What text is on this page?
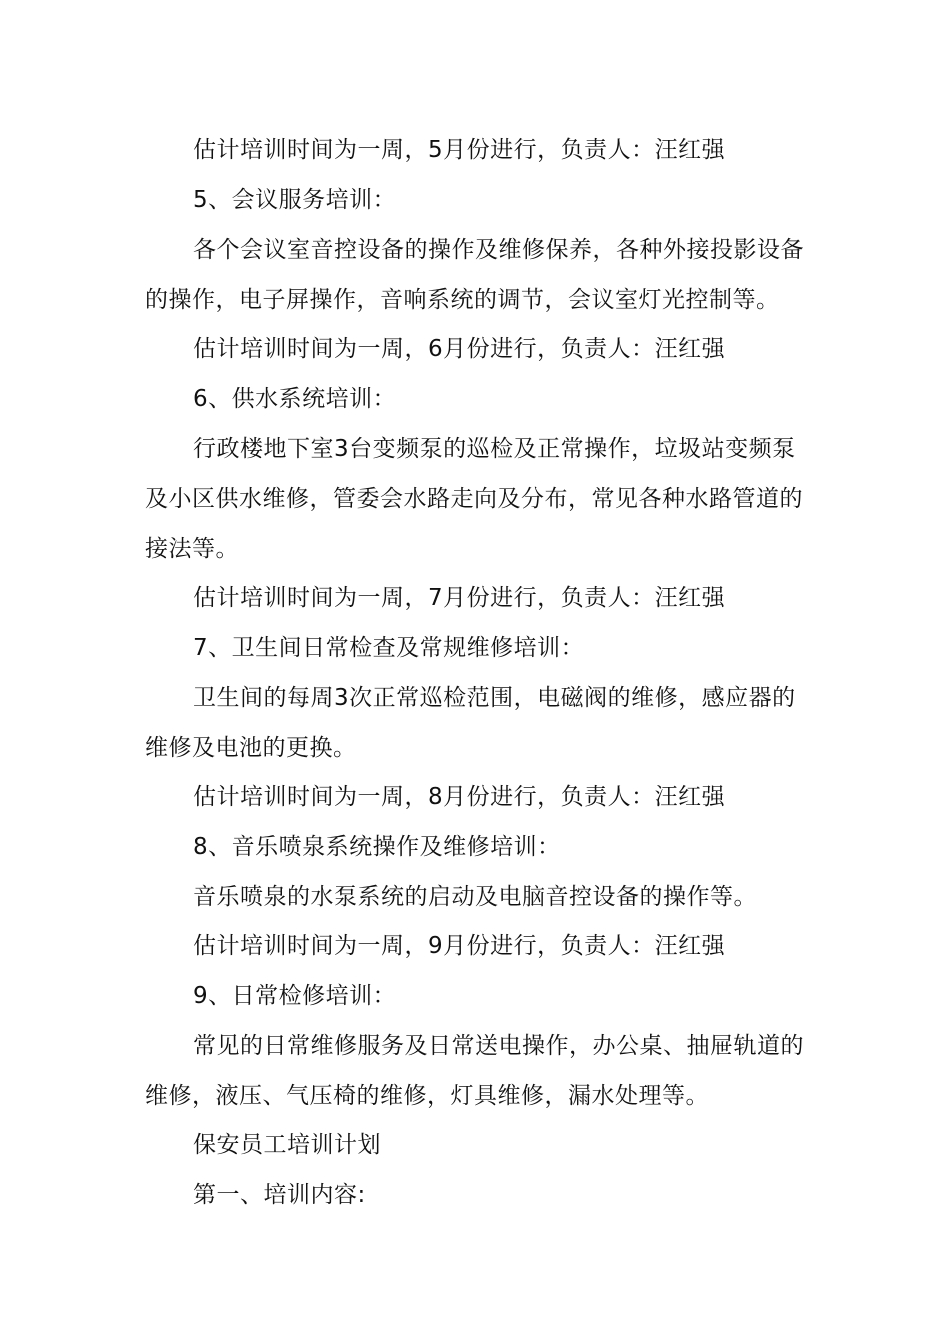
估计培训时间为一周，5月份进行，负责人：汪红强

5、会议服务培训：

各个会议室音控设备的操作及维修保养，各种外接投影设备的操作，电子屏操作，音响系统的调节，会议室灯光控制等。

估计培训时间为一周，6月份进行，负责人：汪红强

6、供水系统培训：

行政楼地下室3台变频泵的巡检及正常操作，垃圾站变频泵及小区供水维修，管委会水路走向及分布，常见各种水路管道的接法等。

估计培训时间为一周，7月份进行，负责人：汪红强

7、卫生间日常检查及常规维修培训：

卫生间的每周3次正常巡检范围，电磁阀的维修，感应器的维修及电池的更换。

估计培训时间为一周，8月份进行，负责人：汪红强

8、音乐喷泉系统操作及维修培训：

音乐喷泉的水泵系统的启动及电脑音控设备的操作等。

估计培训时间为一周，9月份进行，负责人：汪红强

9、日常检修培训：

常见的日常维修服务及日常送电操作，办公桌、抽屉轨道的维修，液压、气压椅的维修，灯具维修，漏水处理等。

保安员工培训计划

第一、培训内容:
